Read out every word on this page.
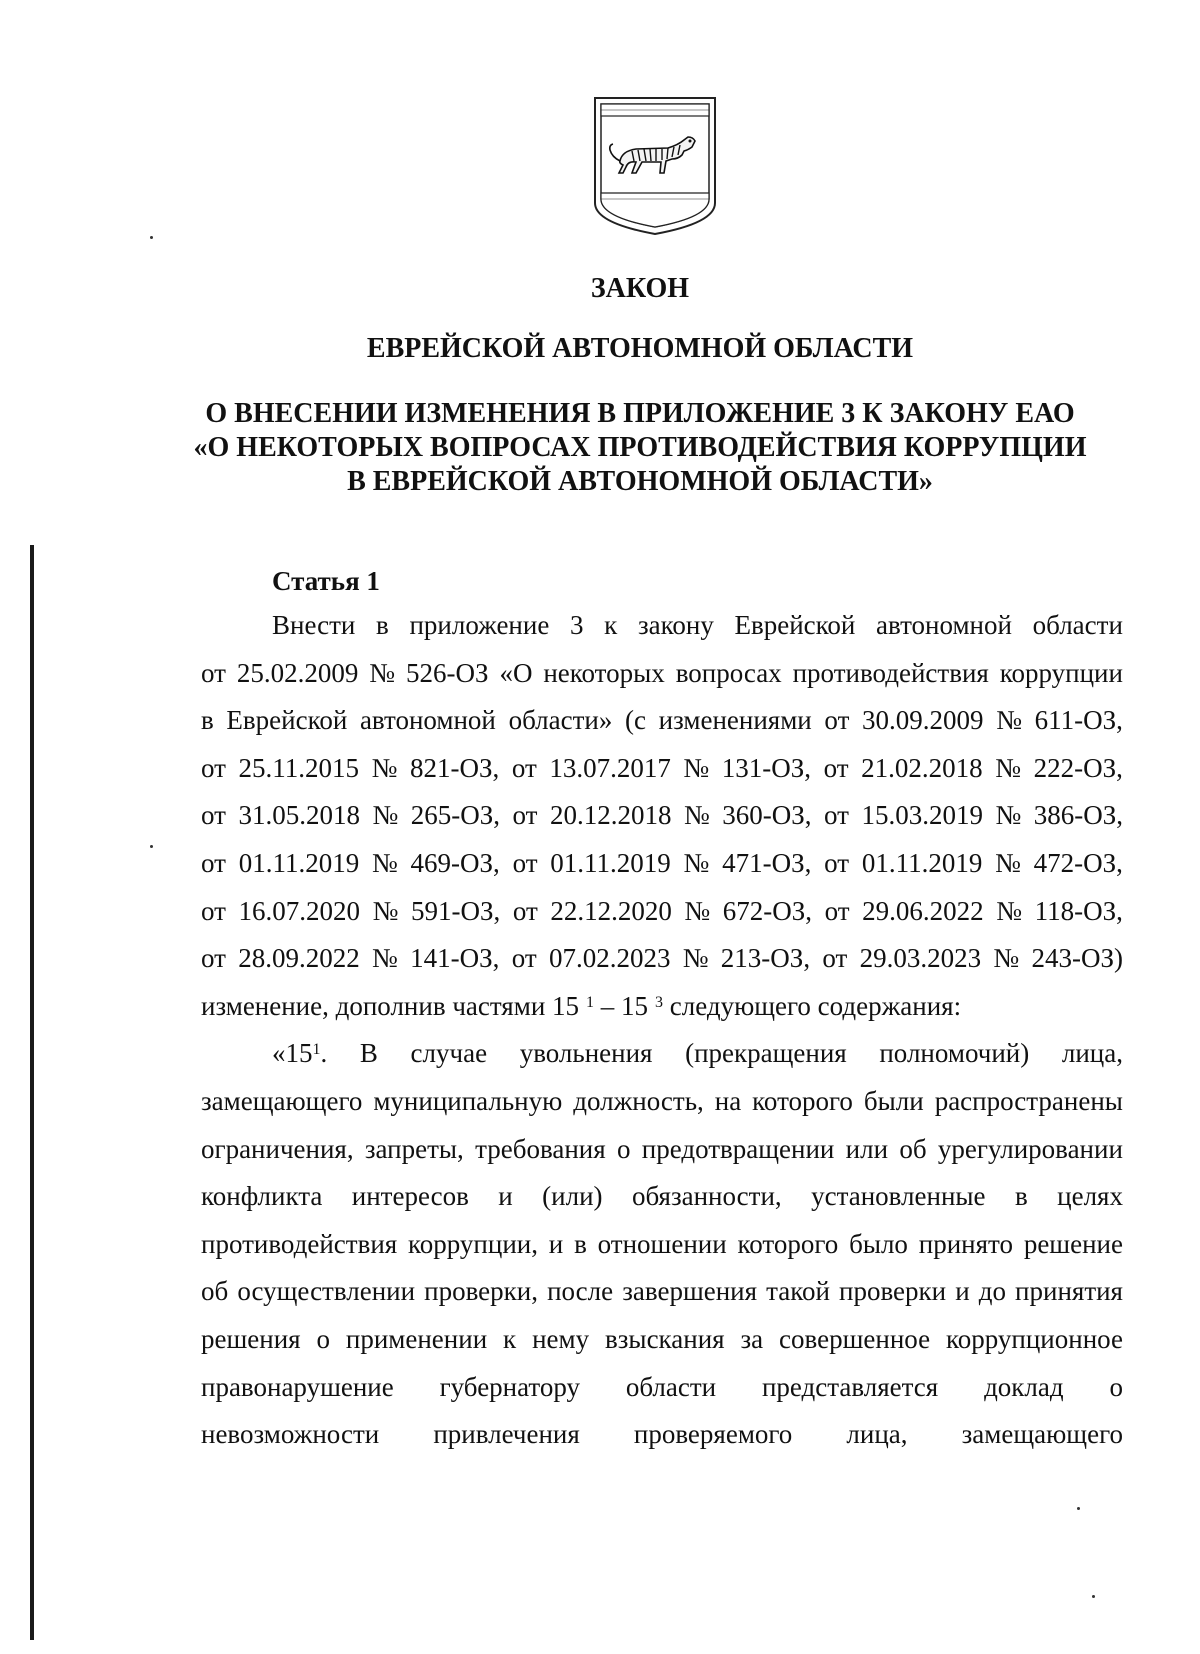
ЗАКОН
ЕВРЕЙСКОЙ АВТОНОМНОЙ ОБЛАСТИ
О ВНЕСЕНИИ ИЗМЕНЕНИЯ В ПРИЛОЖЕНИЕ 3 К ЗАКОНУ ЕАО
«О НЕКОТОРЫХ ВОПРОСАХ ПРОТИВОДЕЙСТВИЯ КОРРУПЦИИ
В ЕВРЕЙСКОЙ АВТОНОМНОЙ ОБЛАСТИ»
Статья 1
Внести в приложение 3 к закону Еврейской автономной области
от 25.02.2009 № 526-ОЗ «О некоторых вопросах противодействия коррупции
в Еврейской автономной области» (с изменениями от 30.09.2009 № 611-ОЗ,
от 25.11.2015 № 821-ОЗ, от 13.07.2017 № 131-ОЗ, от 21.02.2018 № 222-ОЗ,
от 31.05.2018 № 265-ОЗ, от 20.12.2018 № 360-ОЗ, от 15.03.2019 № 386-ОЗ,
от 01.11.2019 № 469-ОЗ, от 01.11.2019 № 471-ОЗ, от 01.11.2019 № 472-ОЗ,
от 16.07.2020 № 591-ОЗ, от 22.12.2020 № 672-ОЗ, от 29.06.2022 № 118-ОЗ,
от 28.09.2022 № 141-ОЗ, от 07.02.2023 № 213-ОЗ, от 29.03.2023 № 243-ОЗ)
изменение, дополнив частями 15 $^1$ – 15 $^3$ следующего содержания:
«$15^1$. В случае увольнения (прекращения полномочий) лица,
замещающего муниципальную должность, на которого были распространены
ограничения, запреты, требования о предотвращении или об урегулировании
конфликта интересов и (или) обязанности, установленные в целях
противодействия коррупции, и в отношении которого было принято решение
об осуществлении проверки, после завершения такой проверки и до принятия
решения о применении к нему взыскания за совершенное коррупционное
правонарушение губернатору области представляется доклад о
невозможности привлечения проверяемого лица, замещающего
